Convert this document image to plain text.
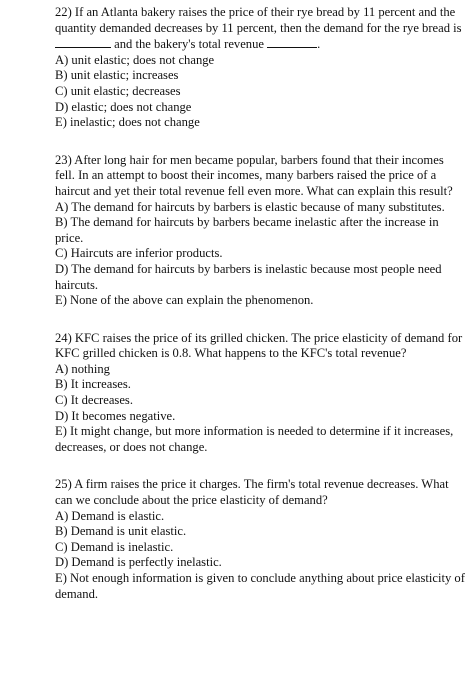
22) If an Atlanta bakery raises the price of their rye bread by 11 percent and the quantity demanded decreases by 11 percent, then the demand for the rye bread is  and the bakery's total revenue	.

A) unit elastic; does not change

B) unit elastic; increases

C) unit elastic; decreases

D) elastic; does not change

E) inelastic; does not change

23) After long hair for men became popular, barbers found that their incomes fell. In an attempt to boost their incomes, many barbers raised the price of a haircut and yet their total revenue fell even more. What can explain this result?

A) The demand for haircuts by barbers is elastic because of many substitutes.

B) The demand for haircuts by barbers became inelastic after the increase in price.

C) Haircuts are inferior products.

D) The demand for haircuts by barbers is inelastic because most people need haircuts.

E) None of the above can explain the phenomenon.

24) KFC raises the price of its grilled chicken. The price elasticity of demand for KFC grilled chicken is 0.8. What happens to the KFC's total revenue?

A) nothing

B) It increases.

C) It decreases.

D) It becomes negative.

E) It might change, but more information is needed to determine if it increases, decreases, or does not change.

25) A firm raises the price it charges. The firm's total revenue decreases. What can we conclude about the price elasticity of demand?

A) Demand is elastic.

B) Demand is unit elastic.

C) Demand is inelastic.

D) Demand is perfectly inelastic.

E) Not enough information is given to conclude anything about price elasticity of demand.
